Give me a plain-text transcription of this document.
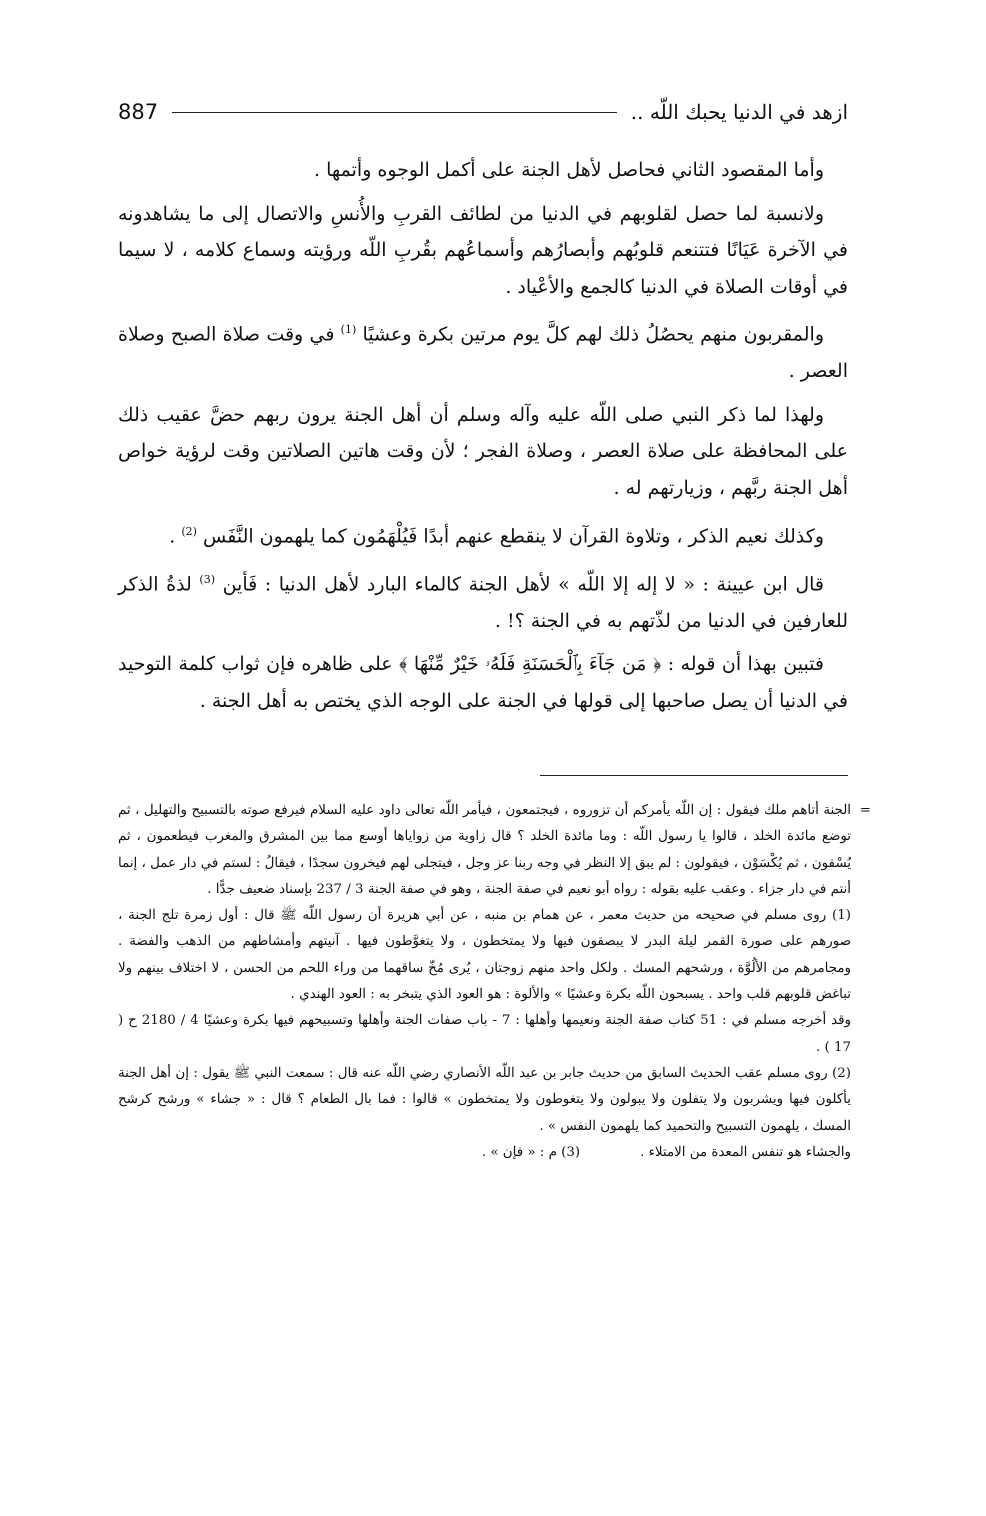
ازهد في الدنيا يحبك اللّه ..
887

وأما المقصود الثاني فحاصل لأهل الجنة على أكمل الوجوه وأتمها .

ولانسبة لما حصل لقلوبهم في الدنيا من لطائف القربِ والأُنسِ والاتصال إلى ما يشاهدونه في الآخرة عَيَانًا فتتنعم قلوبُهم وأبصارُهم وأسماعُهم بقُربِ اللّه ورؤيته وسماع كلامه ، لا سيما في أوقات الصلاة في الدنيا كالجمع والأعْياد .

والمقربون منهم يحصُلُ ذلك لهم كلَّ يوم مرتين بكرة وعشيًا $^{(1)}$ في وقت صلاة الصبح وصلاة العصر .

ولهذا لما ذكر النبي صلى اللّه عليه وآله وسلم أن أهل الجنة يرون ربهم حضَّ عقيب ذلك على المحافظة على صلاة العصر ، وصلاة الفجر ؛ لأن وقت هاتين الصلاتين وقت لرؤية خواص أهل الجنة ربَّهم ، وزيارتهم له .

وكذلك نعيم الذكر ، وتلاوة القرآن لا ينقطع عنهم أبدًا فَيُلْهَمُون كما يلهمون النَّفَس $^{(2)}$ .

قال ابن عيينة : « لا إله إلا اللّه » لأهل الجنة كالماء البارد لأهل الدنيا : فَأين $^{(3)}$ لذةُ الذكر للعارفين في الدنيا من لذّتهم به في الجنة ؟! .

فتبين بهذا أن قوله : ﴿ مَن جَآءَ بِٱلْحَسَنَةِ فَلَهُۥ خَيْرٌ مِّنْهَا ﴾ على ظاهره فإن ثواب كلمة التوحيد في الدنيا أن يصل صاحبها إلى قولها في الجنة على الوجه الذي يختص به أهل الجنة .

=
الجنة أتاهم ملك فيقول : إن اللّه يأمركم أن تزوروه ، فيجتمعون ، فيأمر اللّه تعالى داود عليه السلام فيرفع صوته بالتسبيح والتهليل ، ثم توضع مائدة الخلد ، قالوا يا رسول اللّه : وما مائدة الخلد ؟ قال زاوية من زواياها أوسع مما بين المشرق والمغرب فيطعمون ، ثم يُسْقون ، ثم يُكْسَوْن ، فيقولون : لم يبق إلا النظر في وجه ربنا عز وجل ، فيتجلى لهم فيخرون سجدًا ، فيقالُ : لستم في دار عمل ، إنما أنتم في دار جزاء . وعقب عليه بقوله : رواه أبو نعيم في صفة الجنة ، وهو في صفة الجنة 3 / 237 بإسناد ضعيف جدًّا .

(1) روى مسلم في صحيحه من حديث معمر ، عن همام بن منبه ، عن أبي هريرة أن رسول اللّه ﷺ قال : أول زمرة تلج الجنة ، صورهم على صورة القمر ليلة البدر لا يبصقون فيها ولا يمتخطون ، ولا يتغوَّطون فيها . آنيتهم وأمشاطهم من الذهب والفضة . ومجامرهم من الألُوَّة ، ورشحهم المسك . ولكل واحد منهم زوجتان ، يُرى مُخّ ساقهما من وراء اللحم من الحسن ، لا اختلاف بينهم ولا تباغض قلوبهم قلب واحد . يسبحون اللّه بكرة وعشيًا » والألوة : هو العود الذي يتبخر به : العود الهندي .

وقد أخرجه مسلم في : 51 كتاب صفة الجنة ونعيمها وأهلها : 7 - باب صفات الجنة وأهلها وتسبيحهم فيها بكرة وعشيًا 4 / 2180 ح ( 17 ) .

(2) روى مسلم عقب الحديث السابق من حديث جابر بن عبد اللّه الأنصاري رضي اللّه عنه قال : سمعت النبي ﷺ يقول : إن أهل الجنة يأكلون فيها ويشربون ولا يتفلون ولا يبولون ولا يتغوطون ولا يمتخطون » قالوا : فما بال الطعام ؟ قال : « جشاء » ورشح كرشح المسك ، يلهمون التسبيح والتحميد كما يلهمون النفس » .

والجشاء هو تنفس المعدة من الامتلاء .
(3) م : « فإن » .
